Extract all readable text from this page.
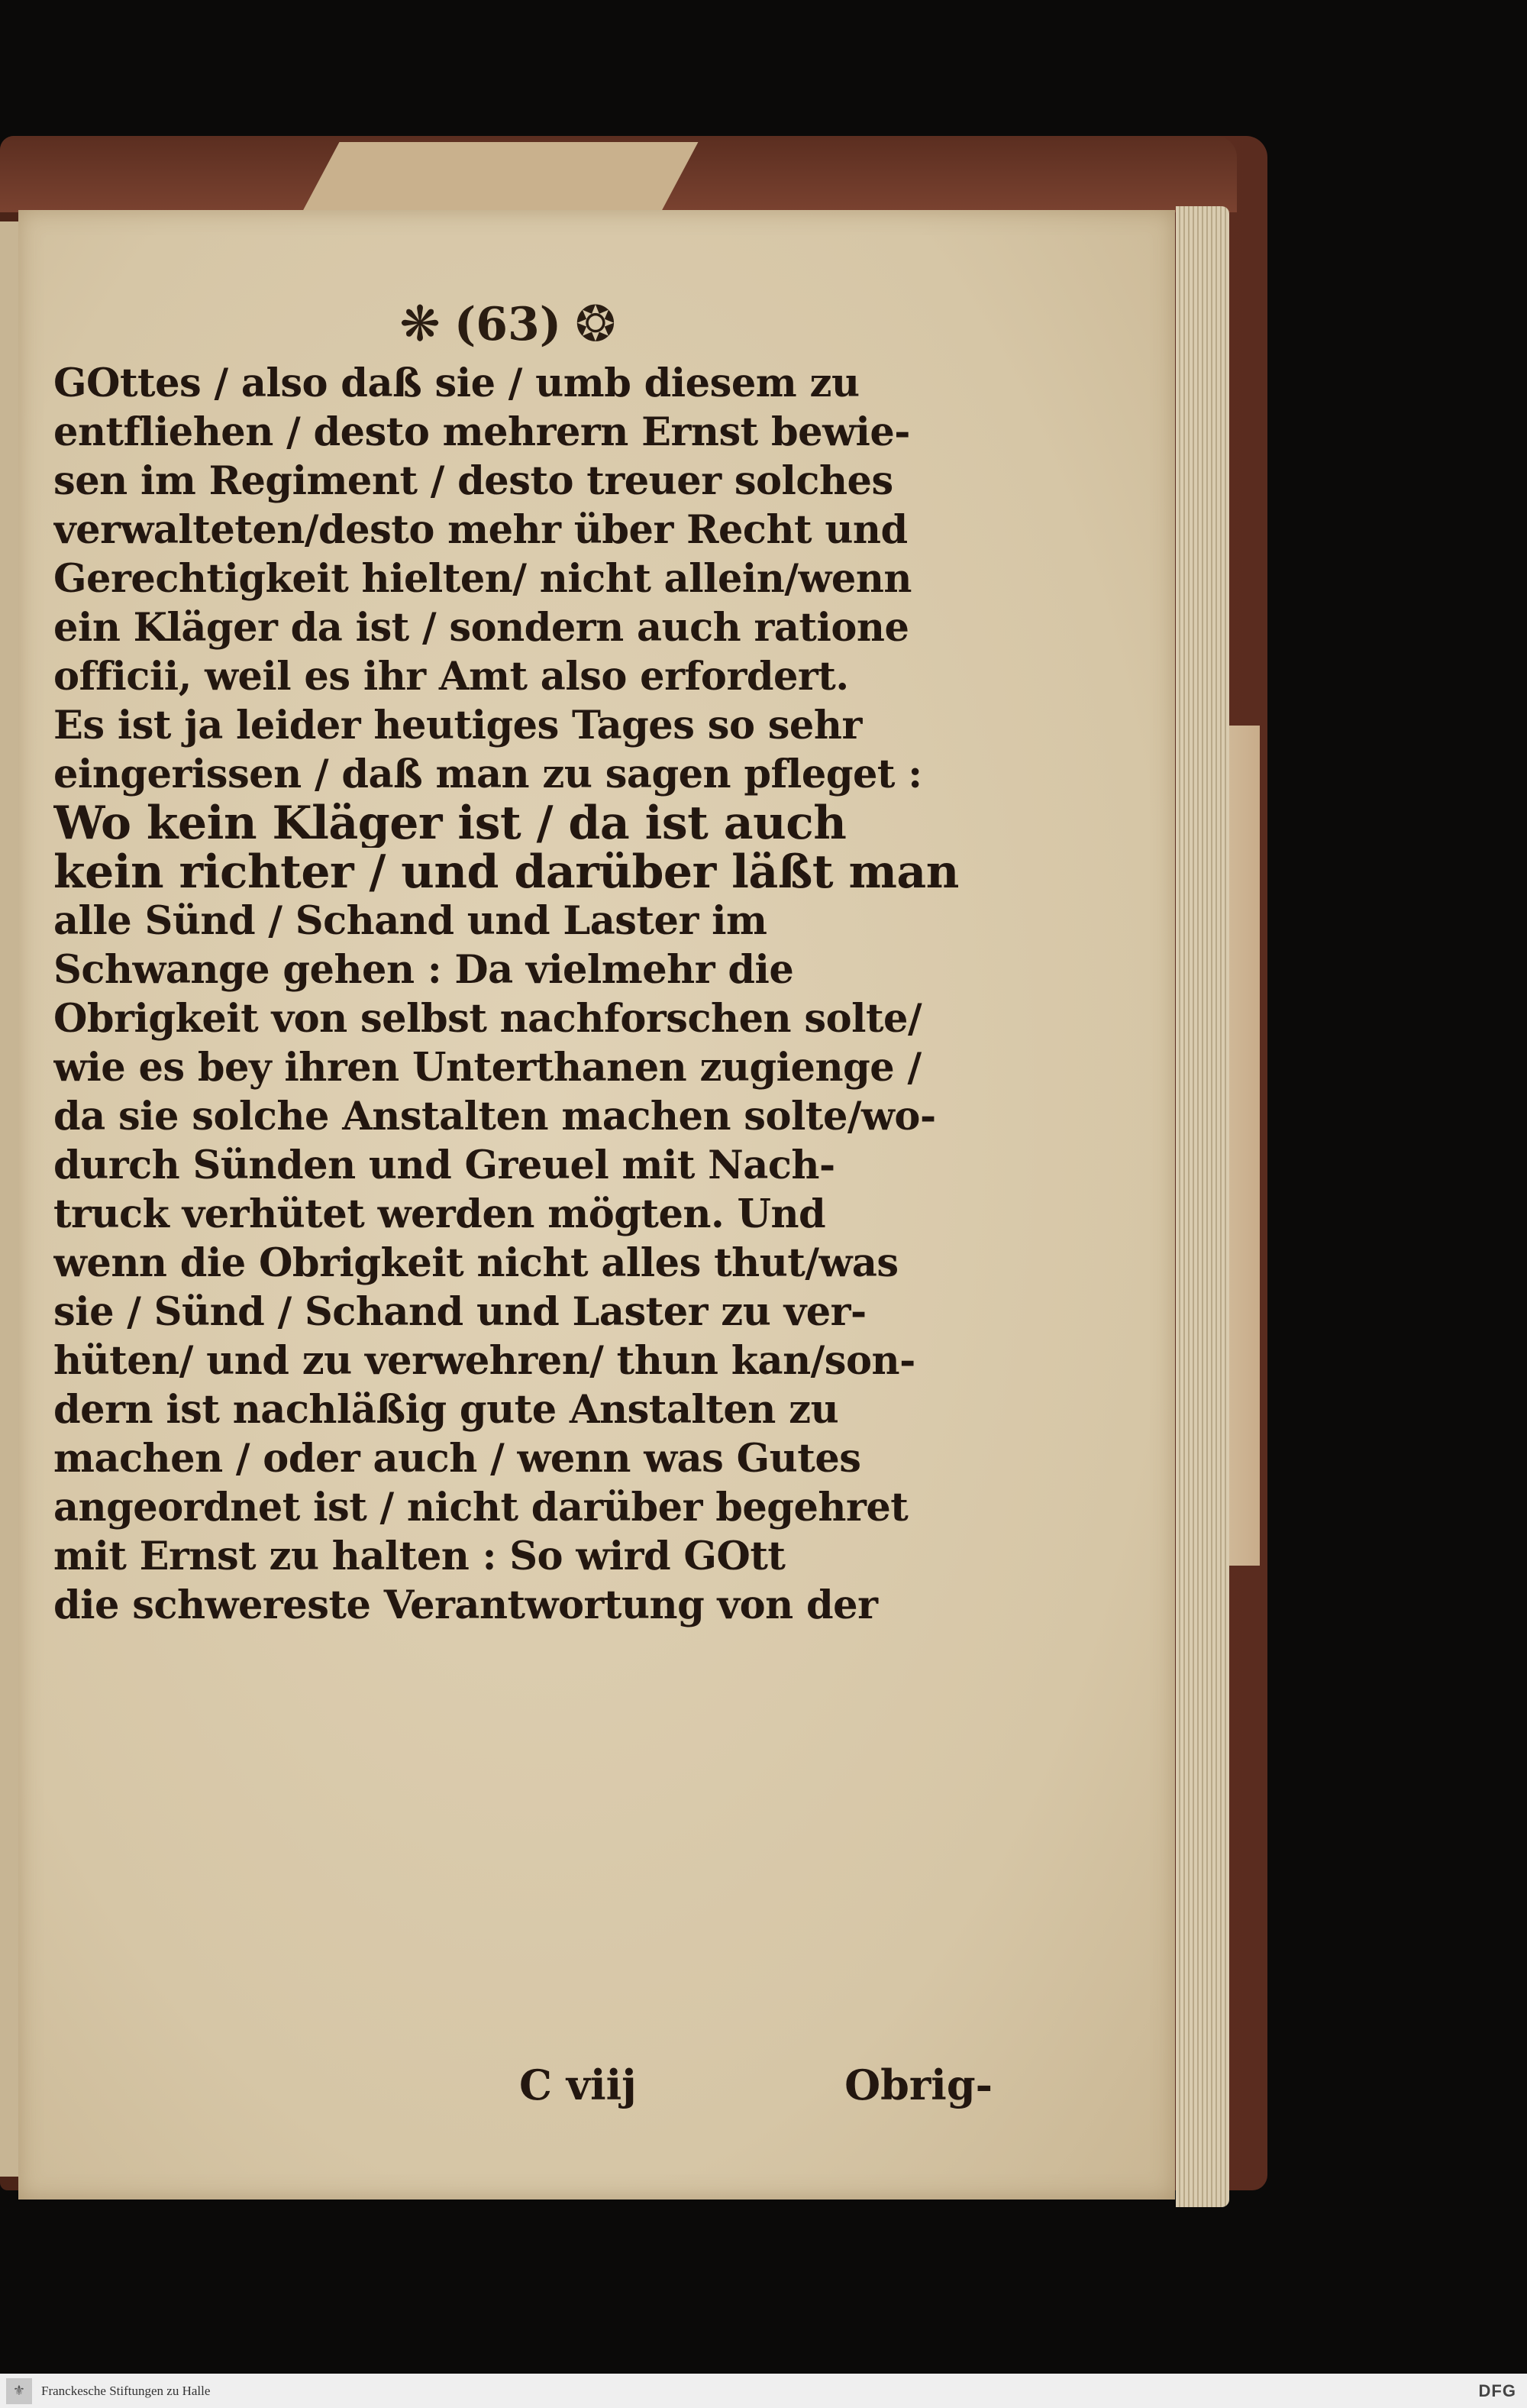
❋ (63) ❂
GOttes / also daß sie / umb diesem zu
entfliehen / desto mehrern Ernst bewie-
sen im Regiment / desto treuer solches
verwalteten/desto mehr über Recht und
Gerechtigkeit hielten/ nicht allein/wenn
ein Kläger da ist / sondern auch ratione
officii, weil es ihr Amt also erfordert.
Es ist ja leider heutiges Tages so sehr
eingerissen / daß man zu sagen pfleget :
Wo kein Kläger ist / da ist auch
kein richter / und darüber läßt man
alle Sünd / Schand und Laster im
Schwange gehen : Da vielmehr die
Obrigkeit von selbst nachforschen solte/
wie es bey ihren Unterthanen zugienge /
da sie solche Anstalten machen solte/wo-
durch Sünden und Greuel mit Nach-
truck verhütet werden mögten. Und
wenn die Obrigkeit nicht alles thut/was
sie / Sünd / Schand und Laster zu ver-
hüten/ und zu verwehren/ thun kan/son-
dern ist nachläßig gute Anstalten zu
machen / oder auch / wenn was Gutes
angeordnet ist / nicht darüber begehret
mit Ernst zu halten : So wird GOtt
die schwereste Verantwortung von der
C viij	Obrig-
⚜	Franckesche Stiftungen zu Halle	DFG
